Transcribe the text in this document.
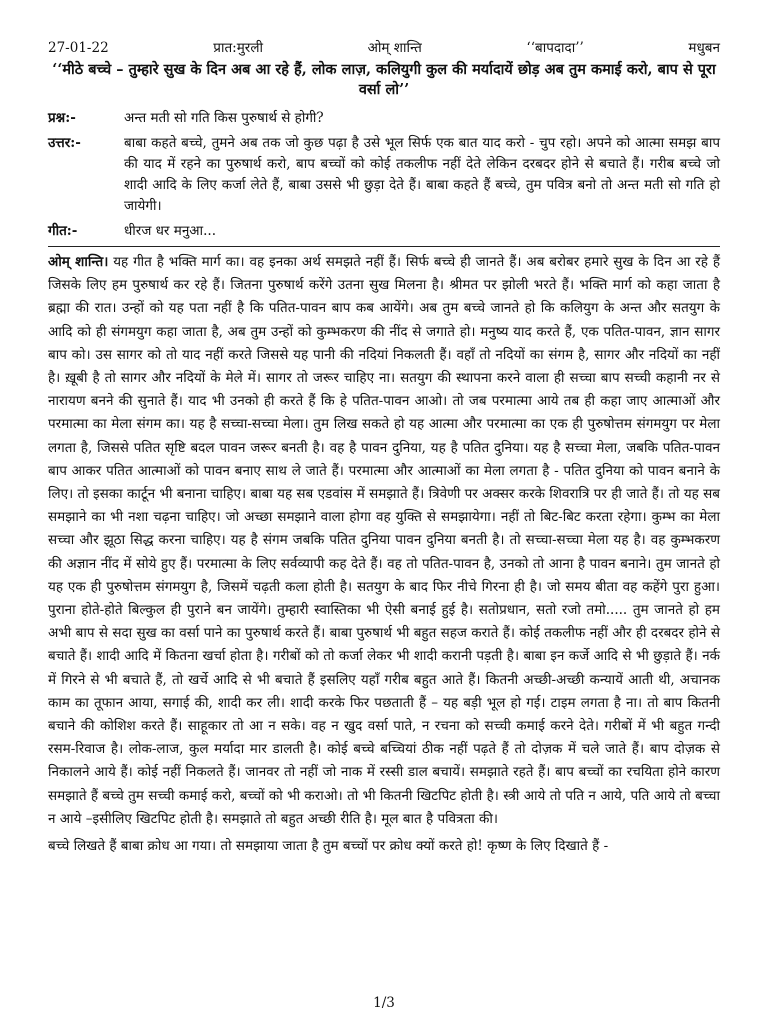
27-01-22	प्रात:मुरली	ओम् शान्ति	‘‘बापदादा’’	मधुबन
‘‘मीठे बच्चे – तुम्हारे सुख के दिन अब आ रहे हैं, लोक लाज़, कलियुगी कुल की मर्यादायें छोड़ अब तुम कमाई करो, बाप से पूरा वर्सा लो’’
प्रश्न:-	अन्त मती सो गति किस पुरुषार्थ से होगी?
उत्तर:-	बाबा कहते बच्चे, तुमने अब तक जो कुछ पढ़ा है उसे भूल सिर्फ एक बात याद करो - चुप रहो। अपने को आत्मा समझ बाप की याद में रहने का पुरुषार्थ करो, बाप बच्चों को कोई तकलीफ नहीं देते लेकिन दरबदर होने से बचाते हैं। गरीब बच्चे जो शादी आदि के लिए कर्जा लेते हैं, बाबा उससे भी छुड़ा देते हैं। बाबा कहते हैं बच्चे, तुम पवित्र बनो तो अन्त मती सो गति हो जायेगी।
गीत:-	धीरज धर मनुआ...

ओम् शान्ति। यह गीत है भक्ति मार्ग का। वह इनका अर्थ समझते नहीं हैं। सिर्फ बच्चे ही जानते हैं। अब बरोबर हमारे सुख के दिन आ रहे हैं जिसके लिए हम पुरुषार्थ कर रहे हैं। जितना पुरुषार्थ करेंगे उतना सुख मिलना है। श्रीमत पर झोली भरते हैं। भक्ति मार्ग को कहा जाता है ब्रह्मा की रात। उन्हों को यह पता नहीं है कि पतित-पावन बाप कब आयेंगे। अब तुम बच्चे जानते हो कि कलियुग के अन्त और सतयुग के आदि को ही संगमयुग कहा जाता है, अब तुम उन्हों को कुम्भकरण की नींद से जगाते हो। मनुष्य याद करते हैं, एक पतित-पावन, ज्ञान सागर बाप को। उस सागर को तो याद नहीं करते जिससे यह पानी की नदियां निकलती हैं। वहाँ तो नदियों का संगम है, सागर और नदियों का नहीं है। ख़ूबी है तो सागर और नदियों के मेले में। सागर तो जरूर चाहिए ना। सतयुग की स्थापना करने वाला ही सच्चा बाप सच्ची कहानी नर से नारायण बनने की सुनाते हैं। याद भी उनको ही करते हैं कि हे पतित-पावन आओ। तो जब परमात्मा आये तब ही कहा जाए आत्माओं और परमात्मा का मेला संगम का। यह है सच्चा-सच्चा मेला। तुम लिख सकते हो यह आत्मा और परमात्मा का एक ही पुरुषोत्तम संगमयुग पर मेला लगता है, जिससे पतित सृष्टि बदल पावन जरूर बनती है। वह है पावन दुनिया, यह है पतित दुनिया। यह है सच्चा मेला, जबकि पतित-पावन बाप आकर पतित आत्माओं को पावन बनाए साथ ले जाते हैं। परमात्मा और आत्माओं का मेला लगता है - पतित दुनिया को पावन बनाने के लिए। तो इसका कार्टून भी बनाना चाहिए। बाबा यह सब एडवांस में समझाते हैं। त्रिवेणी पर अक्सर करके शिवरात्रि पर ही जाते हैं। तो यह सब समझाने का भी नशा चढ़ना चाहिए। जो अच्छा समझाने वाला होगा वह युक्ति से समझायेगा। नहीं तो बिट-बिट करता रहेगा। कुम्भ का मेला सच्चा और झूठा सिद्ध करना चाहिए। यह है संगम जबकि पतित दुनिया पावन दुनिया बनती है। तो सच्चा-सच्चा मेला यह है। वह कुम्भकरण की अज्ञान नींद में सोये हुए हैं। परमात्मा के लिए सर्वव्यापी कह देते हैं। वह तो पतित-पावन है, उनको तो आना है पावन बनाने। तुम जानते हो यह एक ही पुरुषोत्तम संगमयुग है, जिसमें चढ़ती कला होती है। सतयुग के बाद फिर नीचे गिरना ही है। जो समय बीता वह कहेंगे पुरा हुआ। पुराना होते-होते बिल्कुल ही पुराने बन जायेंगे। तुम्हारी स्वास्तिका भी ऐसी बनाई हुई है। सतोप्रधान, सतो रजो तमो..... तुम जानते हो हम अभी बाप से सदा सुख का वर्सा पाने का पुरुषार्थ करते हैं। बाबा पुरुषार्थ भी बहुत सहज कराते हैं। कोई तकलीफ नहीं और ही दरबदर होने से बचाते हैं। शादी आदि में कितना खर्चा होता है। गरीबों को तो कर्जा लेकर भी शादी करानी पड़ती है। बाबा इन कर्जे आदि से भी छुड़ाते हैं। नर्क में गिरने से भी बचाते हैं, तो खर्चे आदि से भी बचाते हैं इसलिए यहाँ गरीब बहुत आते हैं। कितनी अच्छी-अच्छी कन्यायें आती थी, अचानक काम का तूफान आया, सगाई की, शादी कर ली। शादी करके फिर पछताती हैं – यह बड़ी भूल हो गई। टाइम लगता है ना। तो बाप कितनी बचाने की कोशिश करते हैं। साहूकार तो आ न सके। वह न खुद वर्सा पाते, न रचना को सच्ची कमाई करने देते। गरीबों में भी बहुत गन्दी रसम-रिवाज है। लोक-लाज, कुल मर्यादा मार डालती है। कोई बच्चे बच्चियां ठीक नहीं पढ़ते हैं तो दोज़क में चले जाते हैं। बाप दोज़क से निकालने आये हैं। कोई नहीं निकलते हैं। जानवर तो नहीं जो नाक में रस्सी डाल बचायें। समझाते रहते हैं। बाप बच्चों का रचयिता होने कारण समझाते हैं बच्चे तुम सच्ची कमाई करो, बच्चों को भी कराओ। तो भी कितनी खिटपिट होती है। स्त्री आये तो पति न आये, पति आये तो बच्चा न आये –इसीलिए खिटपिट होती है। समझाते तो बहुत अच्छी रीति है। मूल बात है पवित्रता की।

बच्चे लिखते हैं बाबा क्रोध आ गया। तो समझाया जाता है तुम बच्चों पर क्रोध क्यों करते हो! कृष्ण के लिए दिखाते हैं -
1/3
